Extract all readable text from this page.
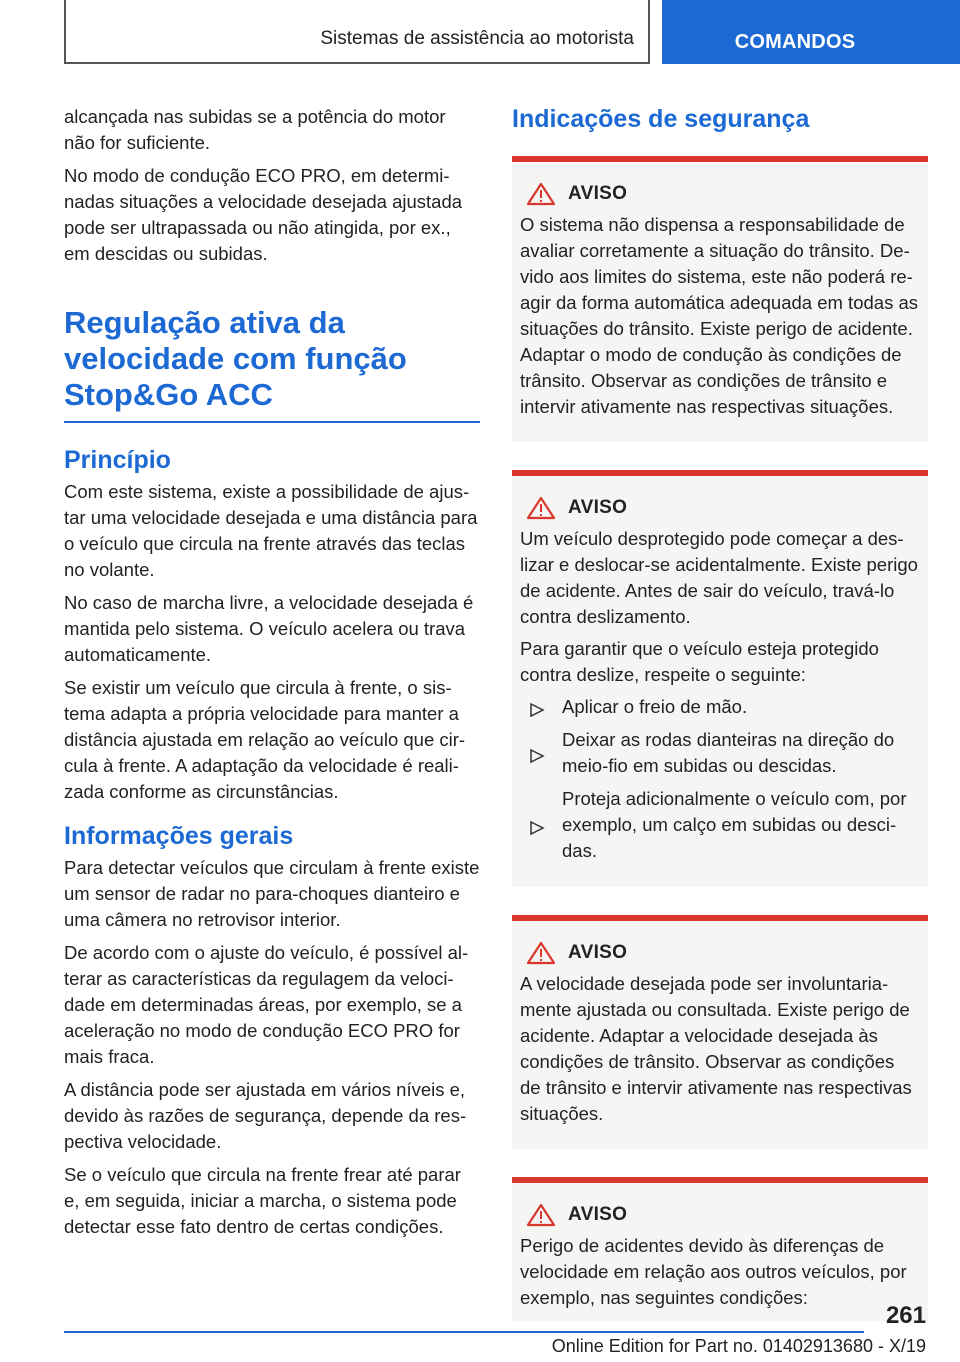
Sistemas de assistência ao motorista	COMANDOS

alcançada nas subidas se a potência do motor não for suficiente.

No modo de condução ECO PRO, em determinadas situações a velocidade desejada ajustada pode ser ultrapassada ou não atingida, por ex., em descidas ou subidas.

Regulação ativa da velocidade com função Stop&Go ACC
Princípio

Com este sistema, existe a possibilidade de ajustar uma velocidade desejada e uma distância para o veículo que circula na frente através das teclas no volante.

No caso de marcha livre, a velocidade desejada é mantida pelo sistema. O veículo acelera ou trava automaticamente.

Se existir um veículo que circula à frente, o sistema adapta a própria velocidade para manter a distância ajustada em relação ao veículo que circula à frente. A adaptação da velocidade é realizada conforme as circunstâncias.

Informações gerais

Para detectar veículos que circulam à frente existe um sensor de radar no para-choques dianteiro e uma câmera no retrovisor interior.

De acordo com o ajuste do veículo, é possível alterar as características da regulagem da velocidade em determinadas áreas, por exemplo, se a aceleração no modo de condução ECO PRO for mais fraca.

A distância pode ser ajustada em vários níveis e, devido às razões de segurança, depende da respectiva velocidade.

Se o veículo que circula na frente frear até parar e, em seguida, iniciar a marcha, o sistema pode detectar esse fato dentro de certas condições.

Indicações de segurança
AVISO

O sistema não dispensa a responsabilidade de avaliar corretamente a situação do trânsito. Devido aos limites do sistema, este não poderá reagir da forma automática adequada em todas as situações do trânsito. Existe perigo de acidente. Adaptar o modo de condução às condições de trânsito. Observar as condições de trânsito e intervir ativamente nas respectivas situações.

AVISO

Um veículo desprotegido pode começar a deslizar e deslocar-se acidentalmente. Existe perigo de acidente. Antes de sair do veículo, travá-lo contra deslizamento.

Para garantir que o veículo esteja protegido contra deslize, respeite o seguinte:

Aplicar o freio de mão.
Deixar as rodas dianteiras na direção do meio-fio em subidas ou descidas.
Proteja adicionalmente o veículo com, por exemplo, um calço em subidas ou descidas.
AVISO

A velocidade desejada pode ser involuntariamente ajustada ou consultada. Existe perigo de acidente. Adaptar a velocidade desejada às condições de trânsito. Observar as condições de trânsito e intervir ativamente nas respectivas situações.

AVISO

Perigo de acidentes devido às diferenças de velocidade em relação aos outros veículos, por exemplo, nas seguintes condições:

261
Online Edition for Part no. 01402913680 - X/19
